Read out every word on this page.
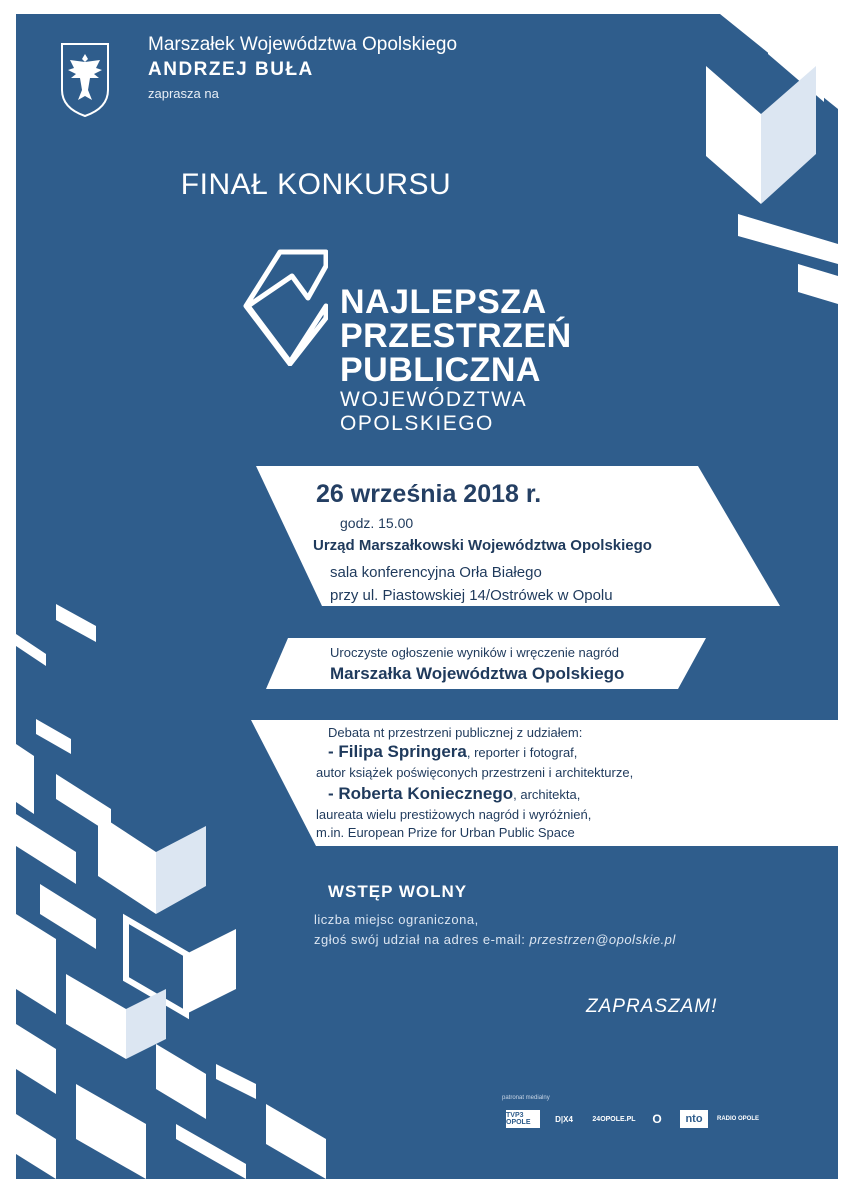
Marszałek Województwa Opolskiego
ANDRZEJ BUŁA
zaprasza na
FINAŁ KONKURSU
NAJLEPSZA
PRZESTRZEŃ
PUBLICZNA
WOJEWÓDZTWA
OPOLSKIEGO
26 września 2018 r.
godz. 15.00
Urząd Marszałkowski Województwa Opolskiego
sala konferencyjna Orła Białego
przy ul. Piastowskiej 14/Ostrówek w Opolu
Uroczyste ogłoszenie wyników i wręczenie nagród
Marszałka Województwa Opolskiego
Debata nt przestrzeni publicznej z udziałem:
- Filipa Springera, reporter i fotograf,
autor książek poświęconych przestrzeni i architekturze,
- Roberta Koniecznego, architekta,
laureata wielu prestiżowych nagród i wyróżnień,
m.in. European Prize for Urban Public Space
WSTĘP WOLNY
liczba miejsc ograniczona,
zgłoś swój udział na adres e-mail: przestrzen@opolskie.pl
ZAPRASZAM!
patronat medialny
TVP3 OPOLE	D|X4	24OPOLE.PL	O	nto	RADIO OPOLE
